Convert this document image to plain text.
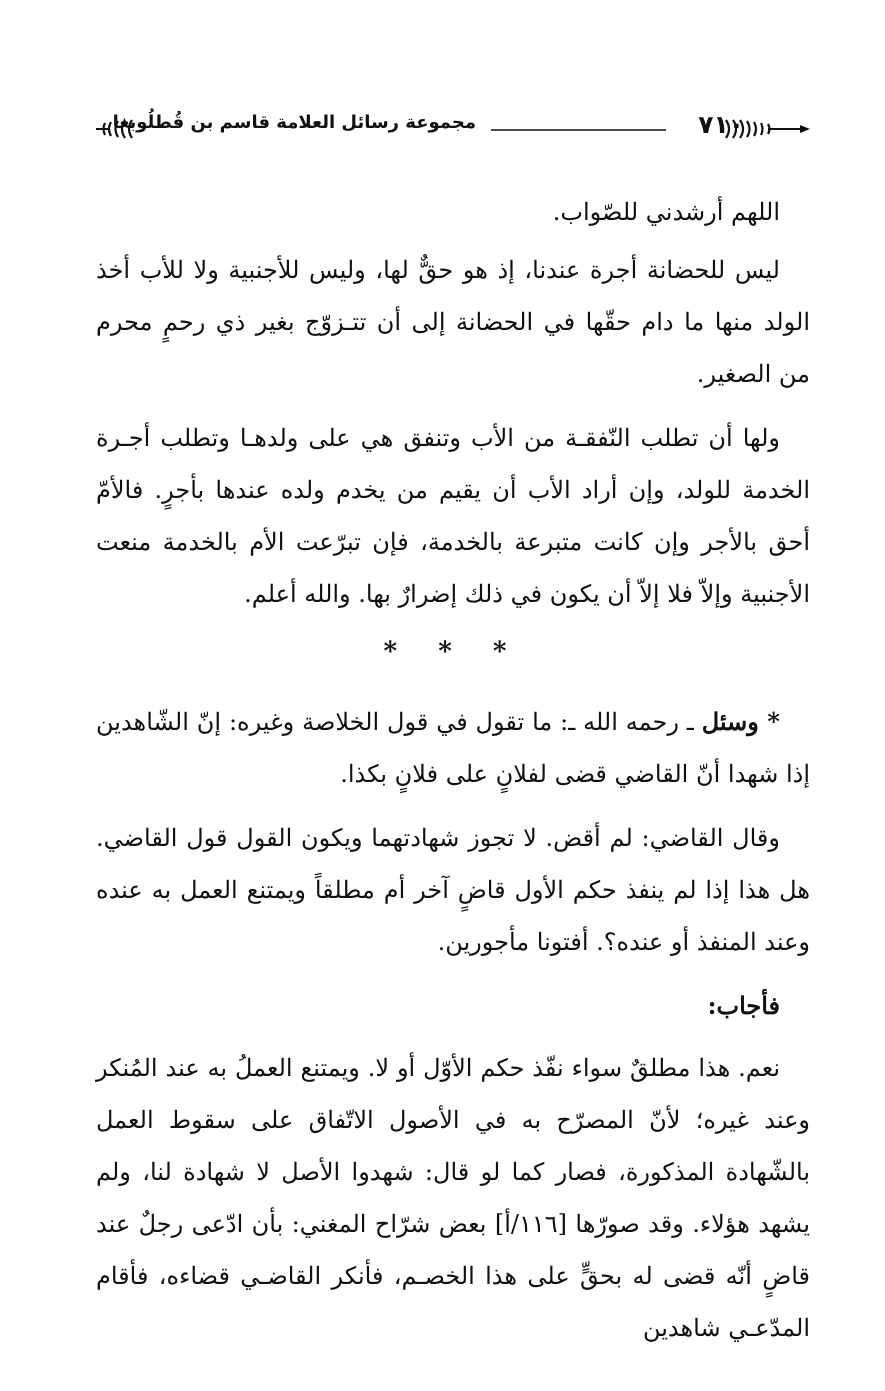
٧١٠
مجموعة رسائل العلامة قاسم بن قُطلُوبغا

اللهم أرشدني للصّواب.

ليس للحضانة أجرة عندنا، إذ هو حقٌّ لها، وليس للأجنبية ولا للأب أخذ الولد منها ما دام حقّها في الحضانة إلى أن تتـزوّج بغير ذي رحمٍ محرم من الصغير.

ولها أن تطلب النّفقـة من الأب وتنفق هي على ولدهـا وتطلب أجـرة الخدمة للولد، وإن أراد الأب أن يقيم من يخدم ولده عندها بأجرٍ. فالأمّ أحق بالأجر وإن كانت متبرعة بالخدمة، فإن تبرّعت الأم بالخدمة منعت الأجنبية وإلاّ فلا إلاّ أن يكون في ذلك إضرارٌ بها. والله أعلم.

* * *

* وسئل ـ رحمه الله ـ: ما تقول في قول الخلاصة وغيره: إنّ الشّاهدين إذا شهدا أنّ القاضي قضى لفلانٍ على فلانٍ بكذا.

وقال القاضي: لم أقض. لا تجوز شهادتهما ويكون القول قول القاضي. هل هذا إذا لم ينفذ حكم الأول قاضٍ آخر أم مطلقاً ويمتنع العمل به عنده وعند المنفذ أو عنده؟. أفتونا مأجورين.

فأجاب:

نعم. هذا مطلقٌ سواء نفّذ حكم الأوّل أو لا. ويمتنع العملُ به عند المُنكر وعند غيره؛ لأنّ المصرّح به في الأصول الاتّفاق على سقوط العمل بالشّهادة المذكورة، فصار كما لو قال: شهدوا الأصل لا شهادة لنا، ولم يشهد هؤلاء. وقد صورّها [١١٦/أ] بعض شرّاح المغني: بأن ادّعى رجلٌ عند قاضٍ أنّه قضى له بحقٍّ على هذا الخصـم، فأنكر القاضـي قضاءه، فأقام المدّعـي شاهدين
